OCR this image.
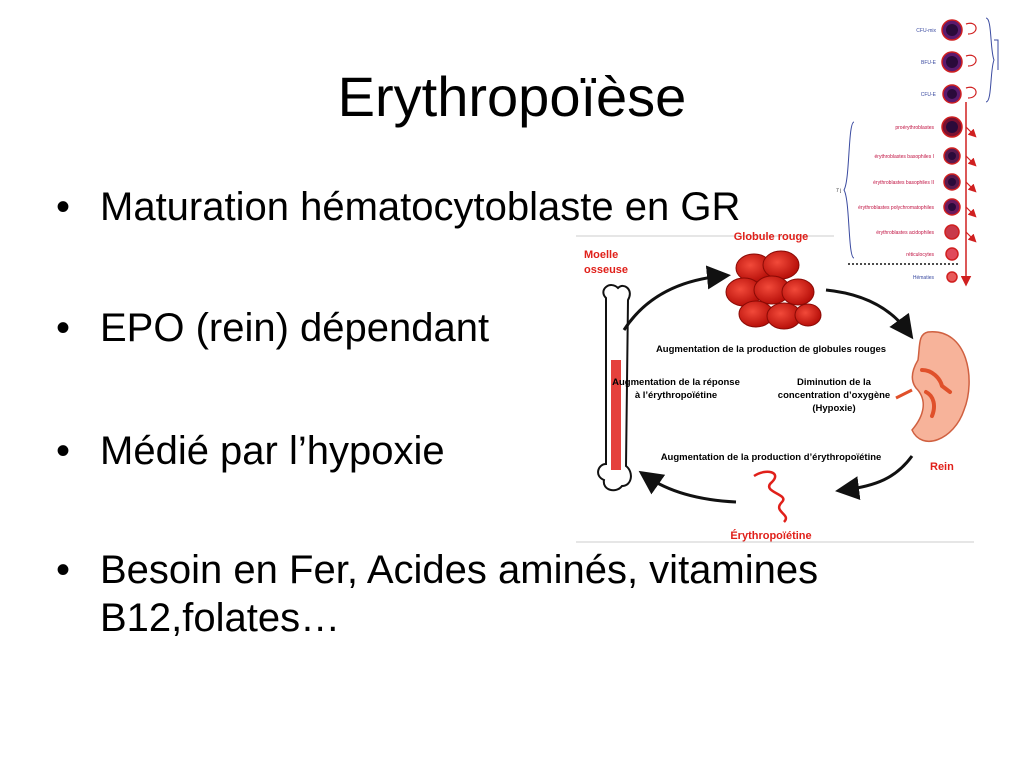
Erythropoïèse
• Maturation hématocytoblaste en GR
• EPO (rein) dépendant
• Médié par l’hypoxie
• Besoin en Fer, Acides aminés, vitamines
B12,folates…
Globule rouge
Moelle
osseuse
Rein
Érythropoïétine
Augmentation de la production de globules rouges
Augmentation de la réponse
à l’érythropoïétine
Diminution de la
concentration d’oxygène
(Hypoxie)
Augmentation de la production d’érythropoïétine
7 j
CFU-mix
BFU-E
CFU-E
proérythroblastes
érythroblastes basophiles I
érythroblastes basophiles II
érythroblastes polychromatophiles
érythroblastes acidophiles
réticulocytes
Hématies
